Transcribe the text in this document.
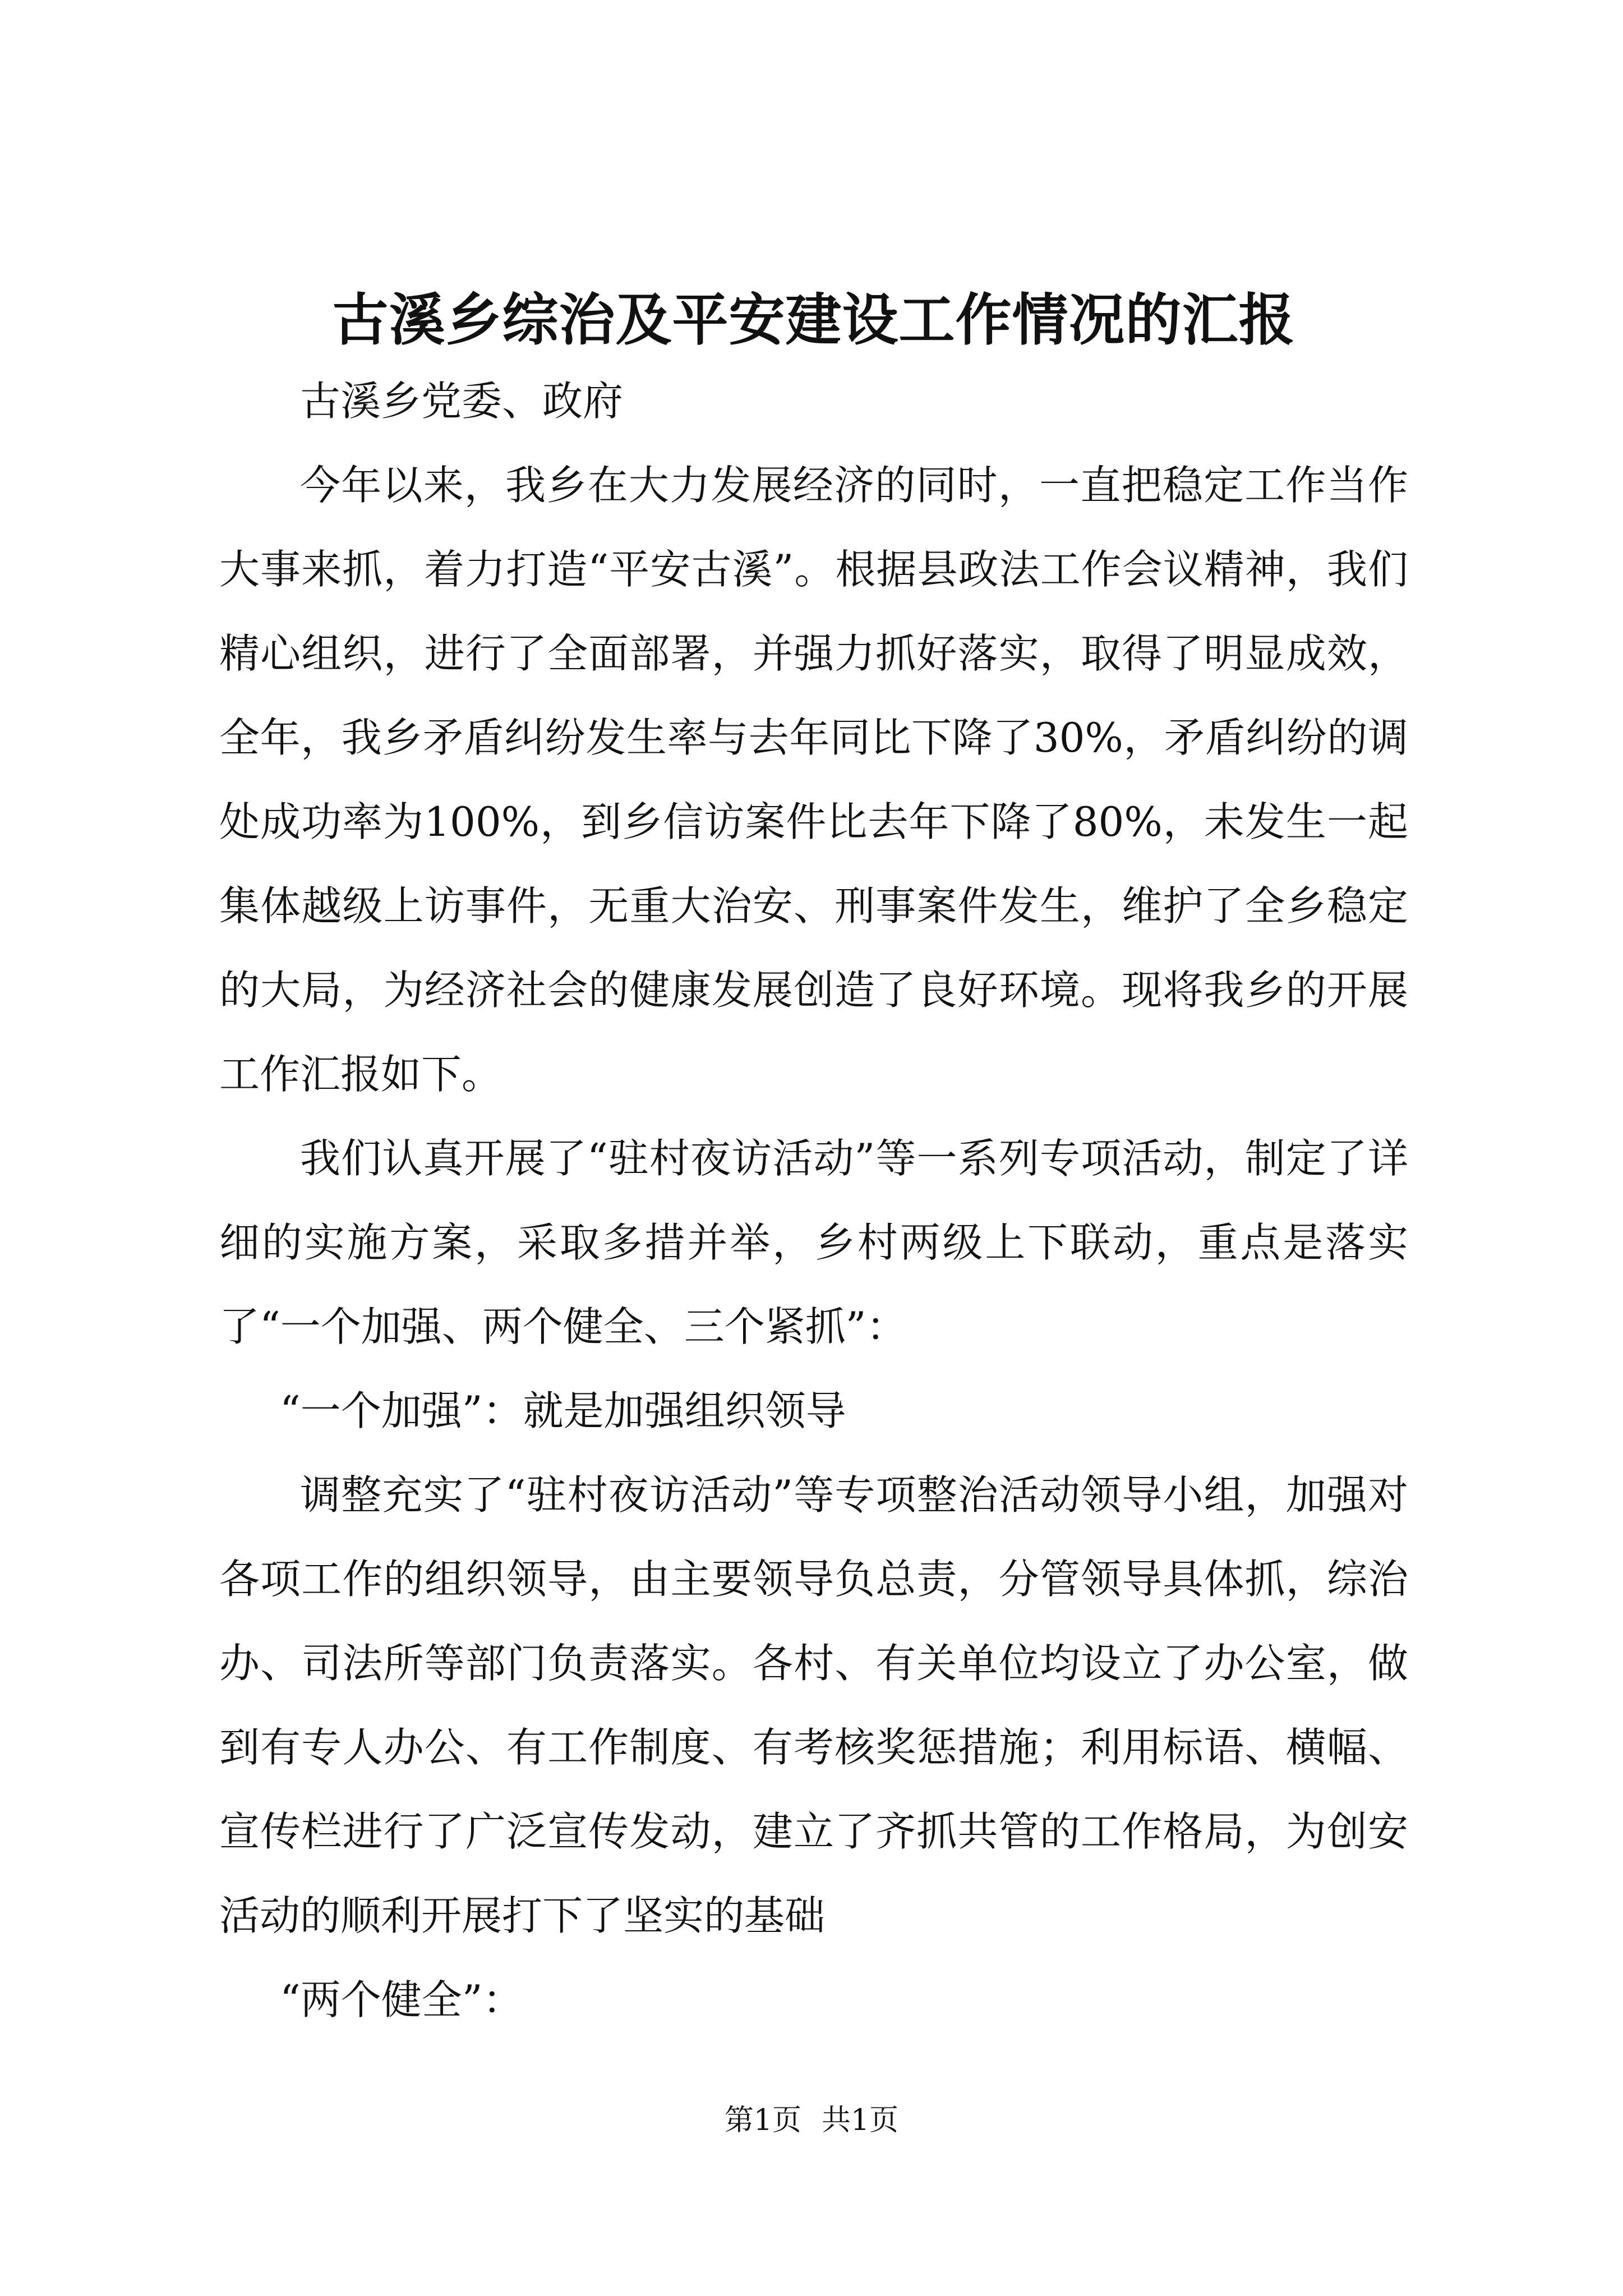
古溪乡综治及平安建设工作情况的汇报

古溪乡党委、政府

今年以来，我乡在大力发展经济的同时，一直把稳定工作当作大事来抓，着力打造“平安古溪”。根据县政法工作会议精神，我们精心组织，进行了全面部署，并强力抓好落实，取得了明显成效，全年，我乡矛盾纠纷发生率与去年同比下降了30%，矛盾纠纷的调处成功率为100%，到乡信访案件比去年下降了80%，未发生一起集体越级上访事件，无重大治安、刑事案件发生，维护了全乡稳定的大局，为经济社会的健康发展创造了良好环境。现将我乡的开展工作汇报如下。

我们认真开展了“驻村夜访活动”等一系列专项活动，制定了详细的实施方案，采取多措并举，乡村两级上下联动，重点是落实了“一个加强、两个健全、三个紧抓”：

“一个加强”：就是加强组织领导

调整充实了“驻村夜访活动”等专项整治活动领导小组，加强对各项工作的组织领导，由主要领导负总责，分管领导具体抓，综治办、司法所等部门负责落实。各村、有关单位均设立了办公室，做到有专人办公、有工作制度、有考核奖惩措施；利用标语、横幅、宣传栏进行了广泛宣传发动，建立了齐抓共管的工作格局，为创安活动的顺利开展打下了坚实的基础

“两个健全”：

第1页 共1页
